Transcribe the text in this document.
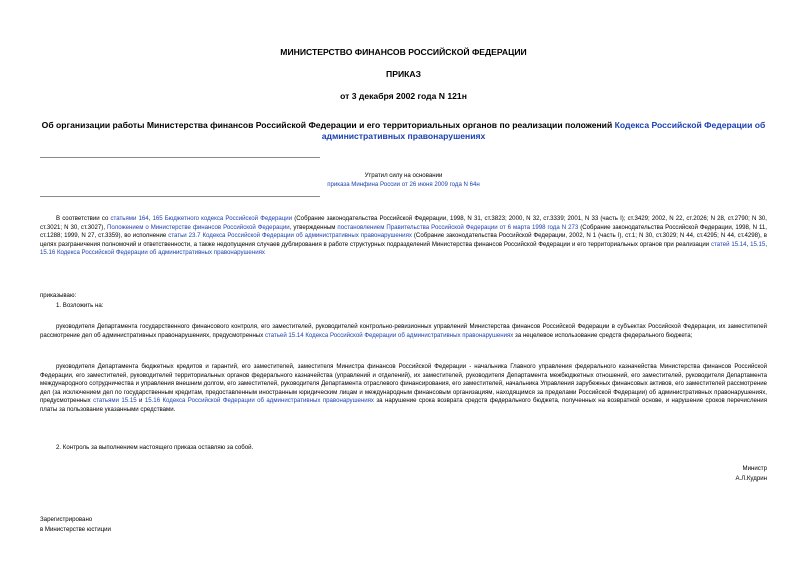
МИНИСТЕРСТВО ФИНАНСОВ РОССИЙСКОЙ ФЕДЕРАЦИИ
ПРИКАЗ
от 3 декабря 2002 года N 121н
Об организации работы Министерства финансов Российской Федерации и его территориальных органов по реализации положений Кодекса Российской Федерации об административных правонарушениях
Утратил силу на основании
приказа Минфина России от 26 июня 2009 года N 64н
В соответствии со статьями 164, 165 Бюджетного кодекса Российской Федерации (Собрание законодательства Российской Федерации, 1998, N 31, ст.3823; 2000, N 32, ст.3339; 2001, N 33 (часть I); ст.3429; 2002, N 22, ст.2026; N 28, ст.2790; N 30, ст.3021; N 30, ст.3027), Положением о Министерстве финансов Российской Федерации, утвержденным постановлением Правительства Российской Федерации от 6 марта 1998 года N 273 (Собрание законодательства Российской Федерации, 1998, N 11, ст.1288; 1999, N 27, ст.3359), во исполнение статьи 23.7 Кодекса Российской Федерации об административных правонарушениях (Собрание законодательства Российской Федерации, 2002, N 1 (часть I), ст.1; N 30, ст.3029; N 44, ст.4295; N 44, ст.4298), в целях разграничения полномочий и ответственности, а также недопущения случаев дублирования в работе структурных подразделений Министерства финансов Российской Федерации и его территориальных органов при реализации статей 15.14, 15.15, 15.16 Кодекса Российской Федерации об административных правонарушениях
приказываю:
1. Возложить на:
руководителя Департамента государственного финансового контроля, его заместителей, руководителей контрольно-ревизионных управлений Министерства финансов Российской Федерации в субъектах Российской Федерации, их заместителей рассмотрение дел об административных правонарушениях, предусмотренных статьей 15.14 Кодекса Российской Федерации об административных правонарушениях за нецелевое использование средств федерального бюджета;
руководителя Департамента бюджетных кредитов и гарантий, его заместителей, заместителя Министра финансов Российской Федерации - начальника Главного управления федерального казначейства Министерства финансов Российской Федерации, его заместителей, руководителей территориальных органов федерального казначейства (управлений и отделений), их заместителей, руководителя Департамента межбюджетных отношений, его заместителей, руководителя Департамента международного сотрудничества и управления внешним долгом, его заместителей, руководителя Департамента отраслевого финансирования, его заместителей, начальника Управления зарубежных финансовых активов, его заместителей рассмотрение дел (за исключением дел по государственным кредитам, предоставленным иностранным юридическим лицам и международным финансовым организациям, находящимся за пределами Российской Федерации) об административных правонарушениях, предусмотренных статьями 15.15 и 15.16 Кодекса Российской Федерации об административных правонарушениях за нарушение срока возврата средств федерального бюджета, полученных на возвратной основе, и нарушение сроков перечисления платы за пользование указанными средствами.
2. Контроль за выполнением настоящего приказа оставляю за собой.
Министр
А.Л.Кудрин
Зарегистрировано
в Министерстве юстиции
